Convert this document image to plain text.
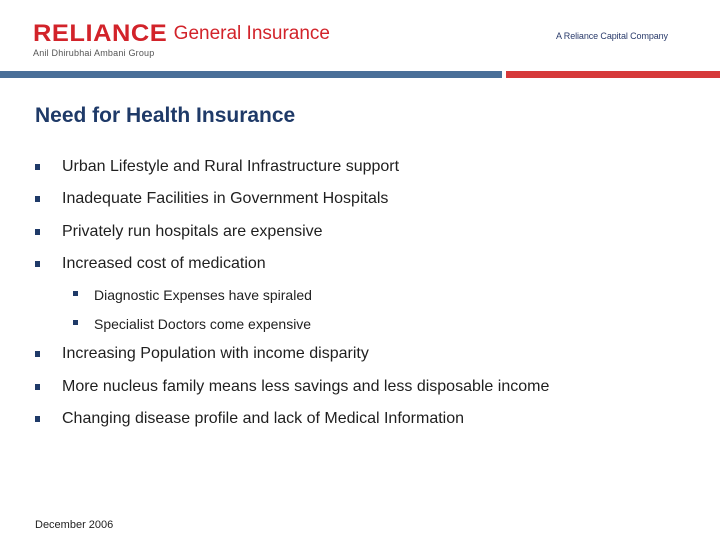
RELIANCE General Insurance
Anil Dhirubhai Ambani Group
A Reliance Capital Company
Need for Health Insurance
Urban Lifestyle and Rural Infrastructure support
Inadequate Facilities in Government Hospitals
Privately run hospitals are expensive
Increased cost of medication
Diagnostic Expenses have spiraled
Specialist Doctors come expensive
Increasing Population with income disparity
More nucleus family means less savings and less disposable income
Changing disease profile and lack of Medical Information
December 2006
